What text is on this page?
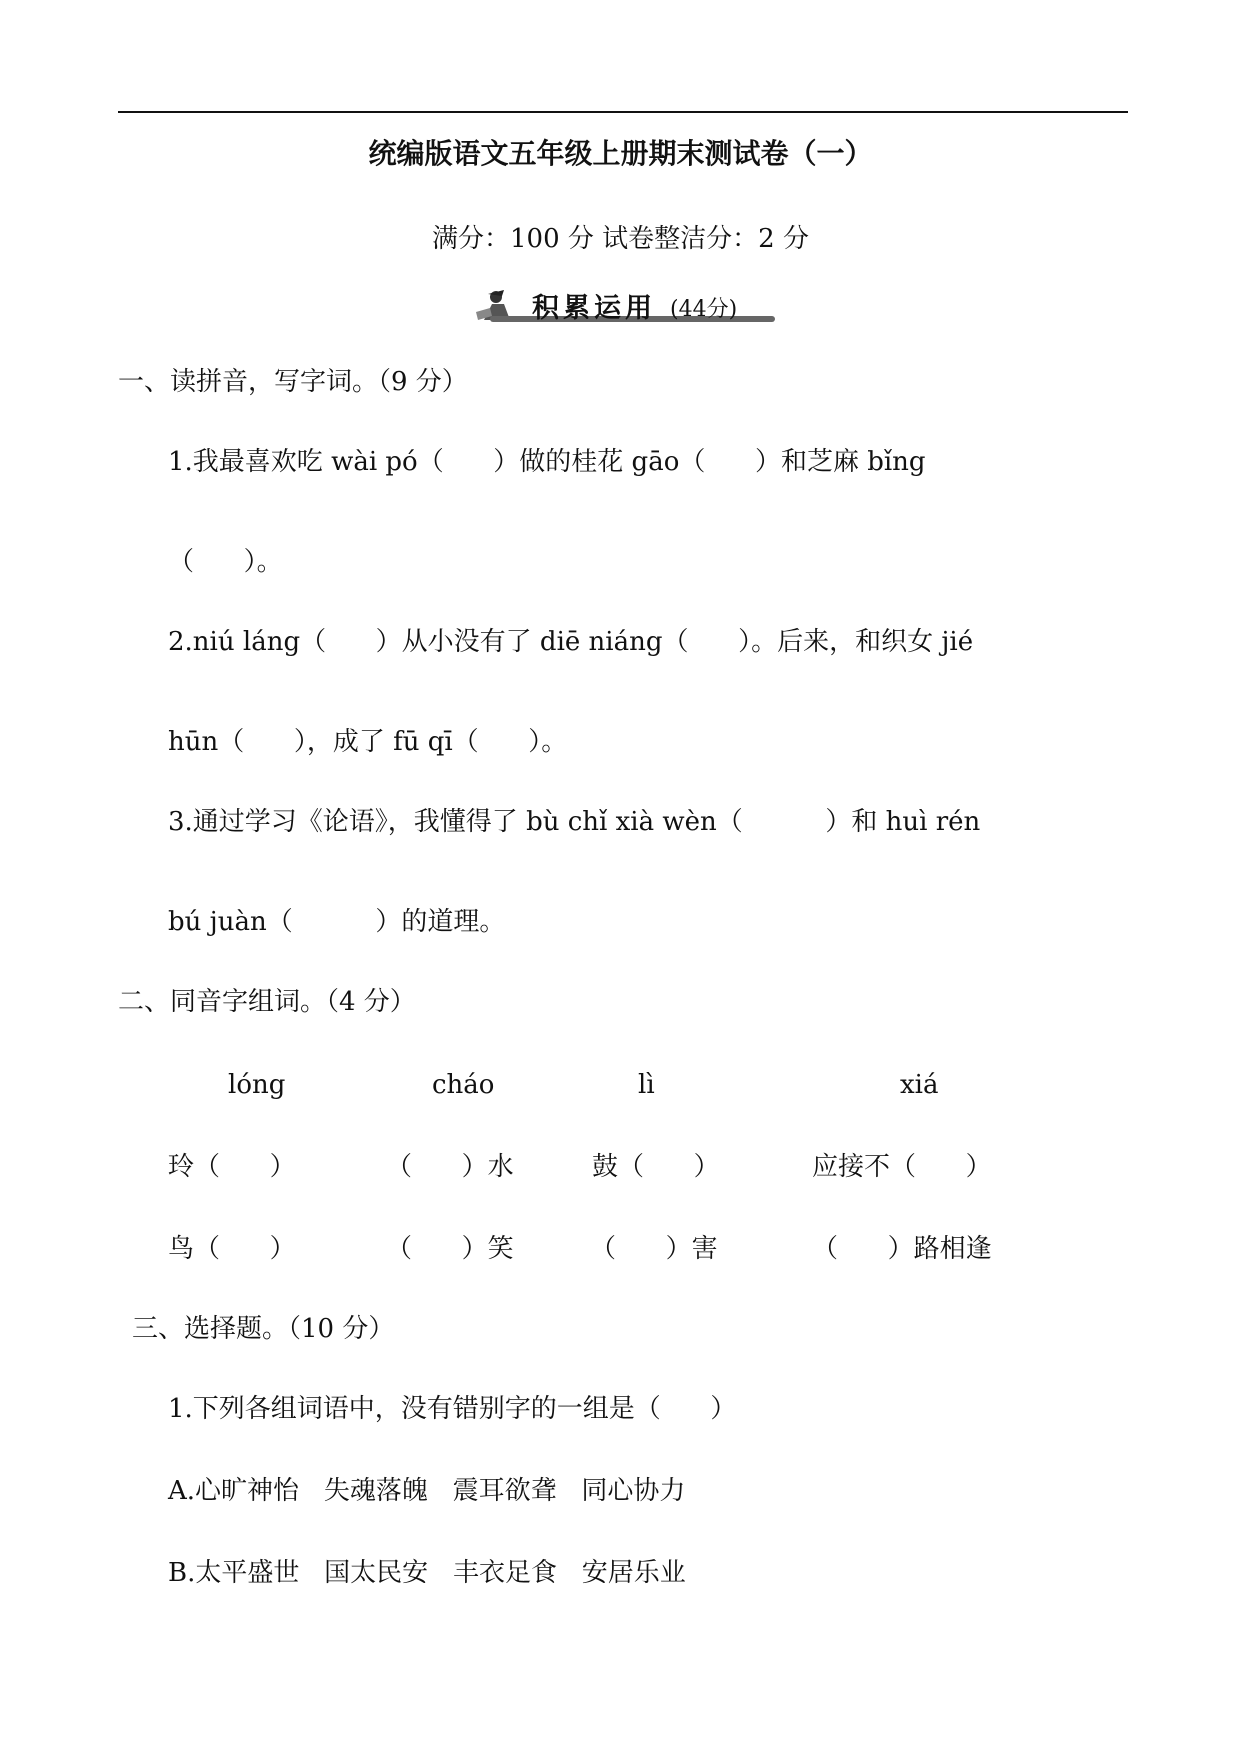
统编版语文五年级上册期末测试卷（一）
满分：100 分 试卷整洁分：2 分
积累运用 (44分)
一、读拼音，写字词。（9 分）
1.我最喜欢吃 wài pó（      ）做的桂花 gāo（      ）和芝麻 bǐng
（      ）。
2.niú láng（      ）从小没有了 diē niáng（      ）。后来，和织女 jié
hūn（      ），成了 fū qī（      ）。
3.通过学习《论语》，我懂得了 bù chǐ xià wèn（          ）和 huì rén
bú juàn（          ）的道理。
二、同音字组词。（4 分）
lóng	cháo	lì	xiá
玲（      ）	（      ）水	鼓（      ）	应接不（      ）
鸟（      ）	（      ）笑	（      ）害	（      ）路相逢
三、选择题。（10 分）
1.下列各组词语中，没有错别字的一组是（      ）
A.心旷神怡   失魂落魄   震耳欲聋   同心协力
B.太平盛世   国太民安   丰衣足食   安居乐业
